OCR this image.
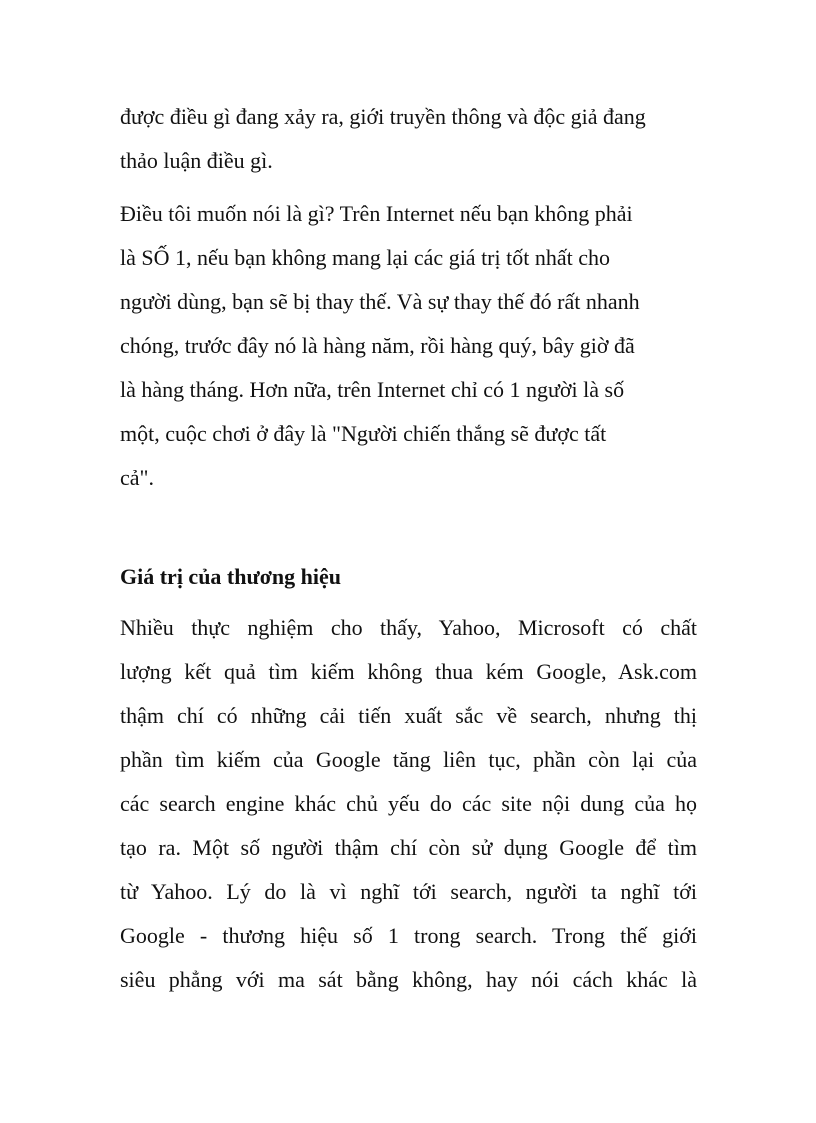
được điều gì đang xảy ra, giới truyền thông và độc giả đang
thảo luận điều gì.
Điều tôi muốn nói là gì? Trên Internet nếu bạn không phải
là SỐ 1, nếu bạn không mang lại các giá trị tốt nhất cho
người dùng, bạn sẽ bị thay thế. Và sự thay thế đó rất nhanh
chóng, trước đây nó là hàng năm, rồi hàng quý, bây giờ đã
là hàng tháng. Hơn nữa, trên Internet chỉ có 1 người là số
một, cuộc chơi ở đây là "Người chiến thắng sẽ được tất
cả".
Giá trị của thương hiệu
Nhiều thực nghiệm cho thấy, Yahoo, Microsoft có chất
lượng kết quả tìm kiếm không thua kém Google, Ask.com
thậm chí có những cải tiến xuất sắc về search, nhưng thị
phần tìm kiếm của Google tăng liên tục, phần còn lại của
các search engine khác chủ yếu do các site nội dung của họ
tạo ra. Một số người thậm chí còn sử dụng Google để tìm
từ Yahoo. Lý do là vì nghĩ tới search, người ta nghĩ tới
Google - thương hiệu số 1 trong search. Trong thế giới
siêu phẳng với ma sát bằng không, hay nói cách khác là
